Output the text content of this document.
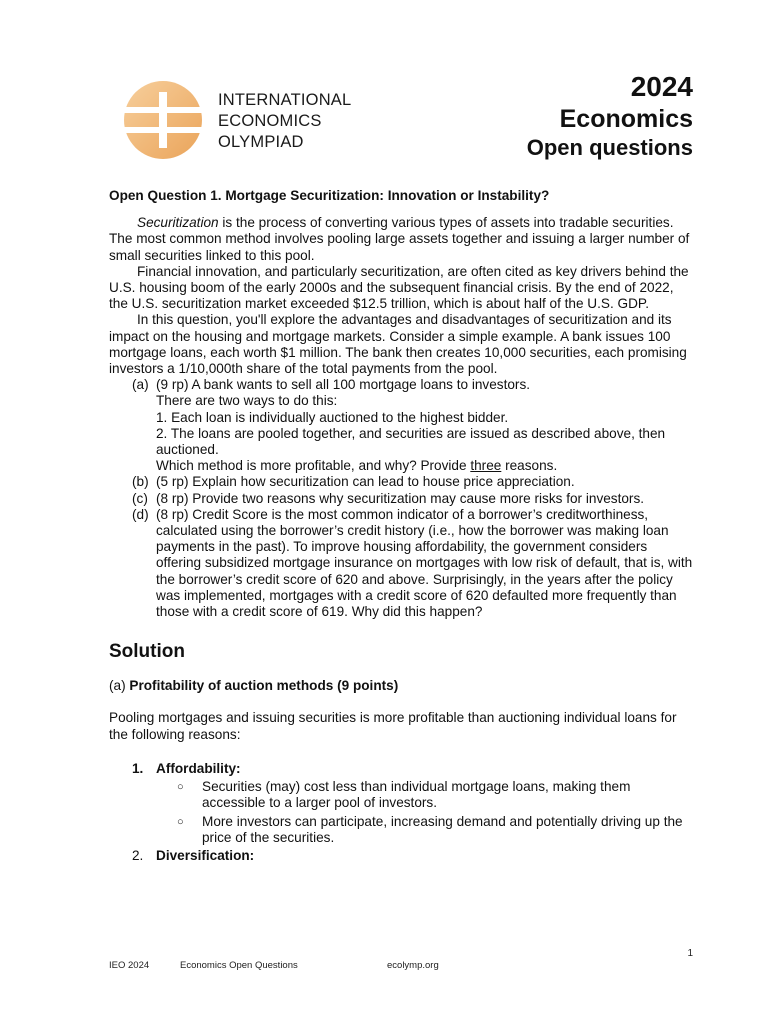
INTERNATIONAL
ECONOMICS
OLYMPIAD
2024
Economics
Open questions

Open Question 1. Mortgage Securitization: Innovation or Instability?

Securitization is the process of converting various types of assets into tradable securities. The most common method involves pooling large assets together and issuing a larger number of small securities linked to this pool.

Financial innovation, and particularly securitization, are often cited as key drivers behind the U.S. housing boom of the early 2000s and the subsequent financial crisis. By the end of 2022, the U.S. securitization market exceeded $12.5 trillion, which is about half of the U.S. GDP.

In this question, you'll explore the advantages and disadvantages of securitization and its impact on the housing and mortgage markets. Consider a simple example. A bank issues 100 mortgage loans, each worth $1 million. The bank then creates 10,000 securities, each promising investors a 1/10,000th share of the total payments from the pool.

(a) (9 rp) A bank wants to sell all 100 mortgage loans to investors.
There are two ways to do this:
1. Each loan is individually auctioned to the highest bidder.
2. The loans are pooled together, and securities are issued as described above, then auctioned.
Which method is more profitable, and why? Provide three reasons.
(b) (5 rp) Explain how securitization can lead to house price appreciation.
(c) (8 rp) Provide two reasons why securitization may cause more risks for investors.
(d) (8 rp) Credit Score is the most common indicator of a borrower’s creditworthiness, calculated using the borrower’s credit history (i.e., how the borrower was making loan payments in the past). To improve housing affordability, the government considers offering subsidized mortgage insurance on mortgages with low risk of default, that is, with the borrower’s credit score of 620 and above. Surprisingly, in the years after the policy was implemented, mortgages with a credit score of 620 defaulted more frequently than those with a credit score of 619. Why did this happen?
Solution

(a) Profitability of auction methods (9 points)

Pooling mortgages and issuing securities is more profitable than auctioning individual loans for the following reasons:

1. Affordability:
○ Securities (may) cost less than individual mortgage loans, making them accessible to a larger pool of investors.
○ More investors can participate, increasing demand and potentially driving up the price of the securities.
2. Diversification:
1
IEO 2024	Economics Open Questions	ecolymp.org
